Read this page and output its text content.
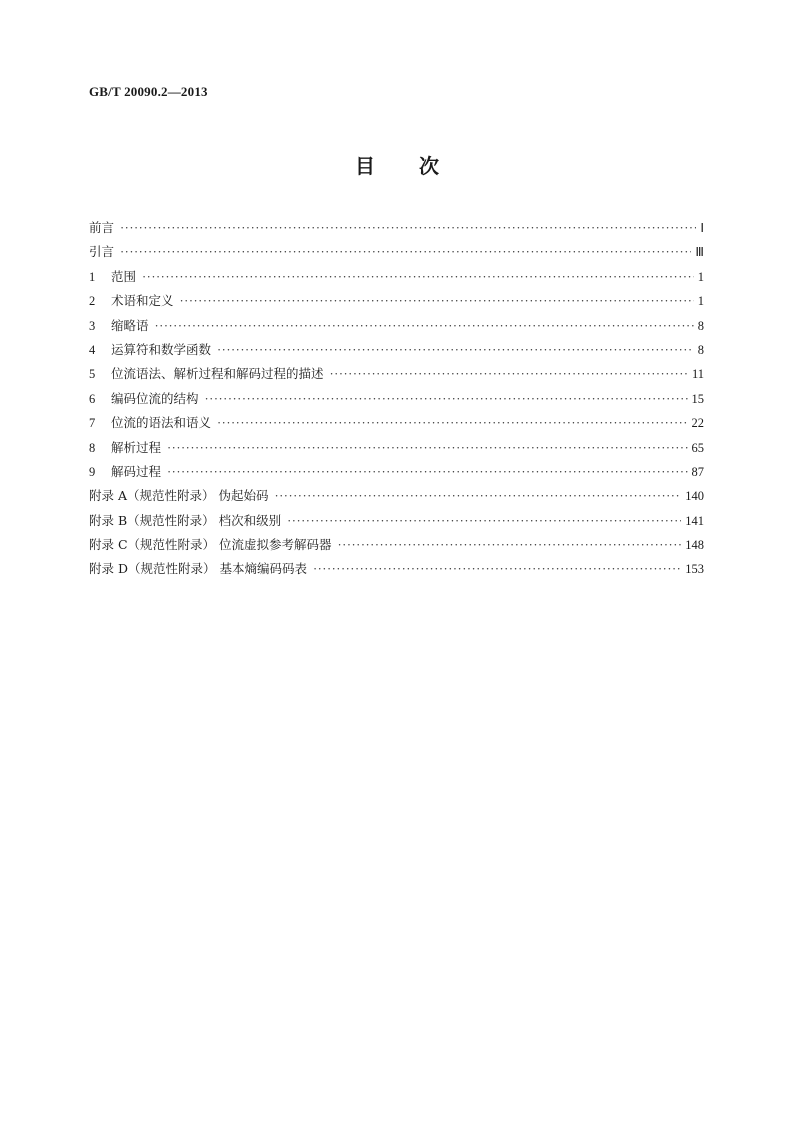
GB/T 20090.2—2013
目次
前言 ·····	Ⅰ
引言 ·····	Ⅲ
1	范围 ·····	1
2	术语和定义 ·····	1
3	缩略语 ·····	8
4	运算符和数学函数 ·····	8
5	位流语法、解析过程和解码过程的描述 ·····	11
6	编码位流的结构 ·····	15
7	位流的语法和语义 ·····	22
8	解析过程 ·····	65
9	解码过程 ·····	87
附录 A（规范性附录） 伪起始码 ·····	140
附录 B（规范性附录） 档次和级别 ·····	141
附录 C（规范性附录） 位流虚拟参考解码器 ·····	148
附录 D（规范性附录） 基本熵编码码表 ·····	153
